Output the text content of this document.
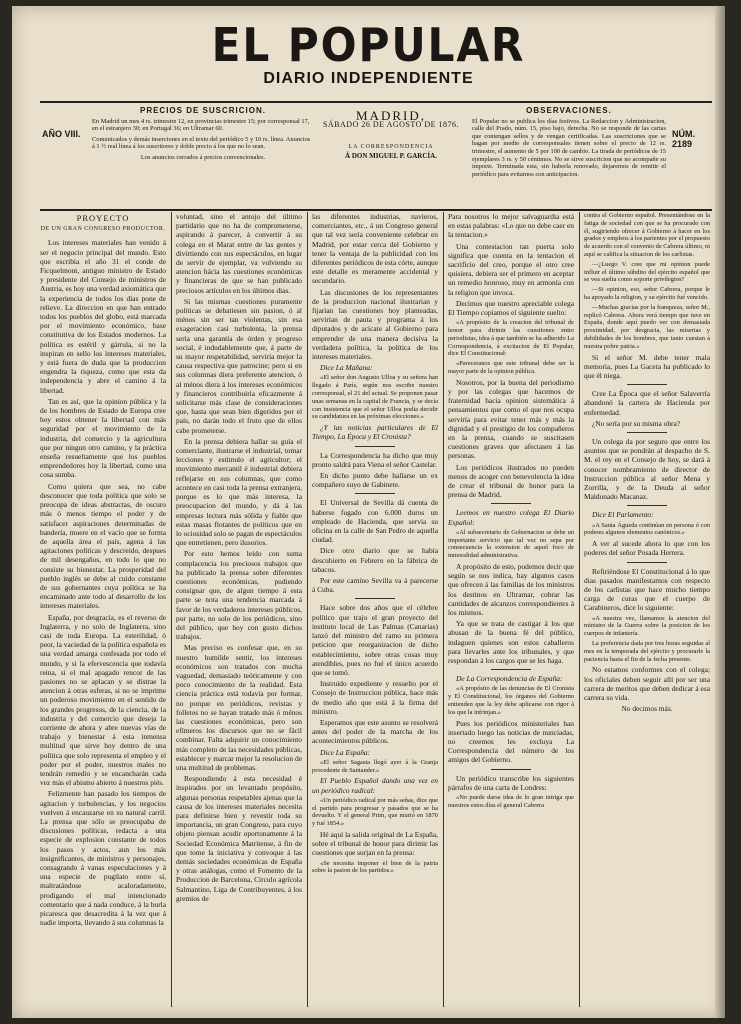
EL POPULAR
DIARIO INDEPENDIENTE
AÑO VIII.
PRECIOS DE SUSCRICION.
En Madrid un mes 4 rs. trimestre 12, en provincias trimestre 15; por corresponsal 17, en el estranjero 30; en Portugal 36; en Ultramar 60.
Comunicados y demás inserciones en el texto del periódico 5 y 10 rs. línea. Anuncios á 1 ½ real línea á los suscritores y doble precio á los que no lo sean.
Los anuncios cerrados á precios convencionales.
MADRID,
SÁBADO 26 DE AGOSTO DE 1876.
LA CORRESPONDENCIA
Á DON MIGUEL P. GARCÍA.
OBSERVACIONES.
El Popular no se publica los días festivos. La Redaccion y Administracion, calle del Prado, núm. 15, piso bajo, derecha. No se responde de las cartas que contengan sellos y de vengan certificadas. Las suscriciones que se hagan por medio de corresponsales tienen sobre el precio de 12 rs. trimestre, el aumento de 5 por 100 de cambio. La tirada de periódicos de 15 ejemplares 3 rs. y 50 céntimos. No se sirve suscricion que no acompañe su importe. Terminada esta, sin haberla renovado, dejaremos de remitir el periódico para evitarnos con anticipacion.
NÚM. 2189

PROYECTO

DE UN GRAN CONGRESO PRODUCTOR.

Los intereses materiales han venido á ser el negocio principal del mundo. Esto que escribia el año 31 el conde de Ficquelmont, antiguo ministro de Estado y presidente del Consejo de ministros de Austria, es hoy una verdad axiomática que la experiencia de todos los dias pone de relieve. La direccion en que han entrado todos los pueblos del globo, está marcada por el movimiento económico, base constitutiva de los Estados modernos. La política es estéril y gárrula, si no la inspiran en sello los intereses materiales, y está fuera de duda que la produccion engendra la riqueza, como que esta da independencia y abre el camino á la libertad.

Tan es así, que la opinion pública y la de los hombres de Estado de Europa cree hoy estos obtener la libertad con más seguridad por el movimiento de la industria, del comercio y la agricultura que por ningun otro camino, y la práctica enseña resueltamente que los pueblos emprendedores hoy la libertad, como una cosa sumba.

Como quiera que sea, no cabe desconocer que toda política que solo se preocupa de ideas abstractas, de oscuro más ó menos tiempo el poder y de satisfacer aspiraciones determinadas de bandería, muere en el vacío que se forma de aquella área el país, agena á las agitaciones políticas y descreido, despues de mil desengaños, en todo lo que no consiste su bienestar. La prosperidad del pueblo inglés se debe al cuido constante de sus gobernantes cuya política se ha encaminado ante todo al desarrollo de los intereses materiales.

España, por desgracia, es el reverso de Inglaterra, y no solo de Inglaterra, sino casi de toda Europa. La esterilidad, ó peor, la vaciedad de la política española es una verdad amarga confesada por todo el mundo, y si la efervescencia que todavía reina, si el mal apagado rencor de las pasiones no se aplacan y se distrae la atencion á otras esferas, si no se imprime un poderoso movimiento en el sentido de los grandes progresos, de la ciencia, de la industria y del comercio que deseja la corriente de ahora y abre nuevas vías de trabajo y bienestar á esta inmensa multitud que sirve hoy dentro de una política que solo representa el empleo y el poder por el poder, nuestros males no tendrán remedio y se encancharán cada vez más el abismo abierto á nuestros piés.

Felizmente han pasado los tiempos de agitacion y turbulencias, y los negocios vuelven á encauzarse en su natural carril. La prensa que sólo se preocupaba de discusiones políticas, redacta a una especie de explosion constante de todos los pasos y actos, aun los más insignificantes, de ministros y personajes, consagrando á vanas especulaciones y á una especie de pugilato entre sí, maltratándose acaloradamente, prodigando el mal intencionado comentario que á nada conduce, á la burla picaresca que desacredita á la vez que á nadie importa, llevando á sus columnas la

voluntad, sino el antojo del último partidario que no ha de comprometerse, aspirando á parecer, á convertir á su colega en el Marat entre de las gentes y divirtiendo con sus espectáculos, en lugar de servir de ejemplar, va volviendo su atencion hácia las cuestiones económicas y financieras de que se han publicado preciosos artículos en los últimos dias.

Si las mismas cuestiones puramente políticas se debatiesen sin pasion, ó al ménos sin ser tan violentas, sin esa exageracion casi turbulenta, la prensa seria una garantía de órden y progreso social, é indudablemente que, á parte de su mayor respetabilidad, serviria mejor la causa respectiva que patrocine; pero si en sus columnas diera preferente atencion, ó al ménos diera á los intereses económicos y financieros contribuiria eficazmente á solicitarse más clase de consideraciones que, hasta que sean bien digeridos por el país, no darán todo el fruto que de ellos cabe prometerse.

En la prensa debiera hallar su guía el comerciante, ilustrarse el industrial, tomar lecciones y estímulo el agricultor; el movimiento mercantil é industrial debiera reflejarse en sus columnas, que como acontece en casi toda la prensa extranjera, porque es lo que más interesa, la preocupacion del mundo, y dá á las empresas lectura más sólida y fiable que estas masas flotantes de políticos que en lo ociosidad solo se pagan de espectáculos que entretienen, pero ilusorios.

Por esto hemos leido con suma complacencia los preciosos trabajos que ha publicado la prensa sobre diferentes cuestiones económicas, pudiendo consignar que, de algun tiempo á esta parte se nota una tendencia marcada á favor de los verdaderos intereses públicos, por parte, no solo de los periódicos, sino del público, que hoy con gusto dichos trabajos.

Mas preciso es confesar que, en su nuestro humilde sentir, los intereses económicos son tratados con mucha vaguedad, demasiado teóricamente y con poco conocimiento de la realidad. Esta ciencia práctica está todavía por formar, no porque en periódicos, revistas y folletos no se hayan tratado más ó ménos las cuestiones económicas, pero son efímeros los discursos que no se fácil combinar. Falta adquirir un conocimiento más completo de las necesidades públicas, establecer y marcar mejor la resolucion de una multitud de problemas.

Respondiendo á esta necesidad é inspirados por un levantado propósito, algunas personas respetables ajenas que la causa de los intereses materiales necesita para definirse bien y revestir toda su importancia, un gran Congreso, para cuyo objeto piensan acudir oportunamente á la Sociedad Económica Matritense, á fin de que tome la iniciativa y convoque á las demás sociedades económicas de España y otras análogas, como el Fomento de la Produccion de Barcelona, Círculo agrícola Salmantino, Liga de Contribuyentes, á los gremios de

las diferentes industrias, navieros, comerciantes, etc., á un Congreso general que tal vez sería conveniente celebrar en Madrid, por estar cerca del Gobierno y tener la ventaja de la publicidad con los diferentes periódicos de esta córte, aunque este detalle es meramente accidental y secundario.

Las discusiones de los representantes de la produccion nacional ilustrarian y fijarian las cuestiones hoy planteadas, servirian de pauta y programa á los diputados y de acicate al Gobierno para emprender de una manera decisiva la verdadera política, la política de los intereses materiales.

Dice La Mañana:

«El señor don Augusto Ulloa y su señora han llegado á París, según nos escribe nuestro corresponsal, el 21 del actual. Se proponen pasar unas semanas en la capital de Francia, y se decía con insistencia que el señor Ulloa podia decidir su candidatura en las próximas elecciones.»

¿Y las noticias particulares de El Tiempo, La Época y El Cronista?

La Correspondencia ha dicho que muy pronto saldrá para Viena el señor Castelar.

En dicho punto debe hallarse un ex compañero suyo de Gabinete.

El Universal de Sevilla dá cuenta de haberse fugado con 6.000 duros un empleado de Hacienda, que servia su oficina en la calle de San Pedro de aquella ciudad.

Dice otro diario que se había descubierto en Febrero en la fábrica de tabacos.

Por este camino Sevilla va á parecerse á Cuba.

Hace sobre dos años que el célebre político que trajo el gran proyecto del instituto local de Las Palmas (Canarias) lanzó del ministro del ramo su primera peticion que reorganizacion de dicho establecimiento, sobre otras cosas muy atendibles, pues no fué el único acuerdo que se tomó.

Instruido expediente y resuelto por el Consejo de Instruccion pública, hace más de medio año que está á la firma del ministro.

Esperamos que este asunto se resolverá antes del poder de la marcha de los acontecimientos públicos.

Dice La España:

«El señor Sagasta llegó ayer á la Granja procedente de Santander.»

El Pueblo Español dando una vez en un periódico radical:

«Un periódico radical por más señas, dice que el partido para progresar y pasados que se ha devuelto. Y el general Prim, que murió en 1870 y fué 1854.»

Hé aquí la salida original de La España, sobre el tribunal de honor para dirimir las cuestiones que surjan en la prensa:

«Se necesita imponer el bien de la patria sobre la pasion de los partidos.»

Para nosotros lo mejor salvaguardia está en estas palabras: «Lo que no debe caer en la tentacion.»

Una contestacion tan puerta solo significa que cuenta en la tentacion el sacrificio del creo, porque el otro cree quisiera, debiera ser el primero en aceptar un remedio honroso, muy en armonía con la religion que invoca.

Decimos que nuestro apreciable colega El Tiempo copiamos el siguiente suelto:

«A propósito de la creacion del tribunal de honor para dirimir las cuestiones entre periodistas, idea á que también se ha adherido La Correspondencia, á excitacion de El Popular, dice El Constitucional:

«Pareceranos que este tribunal debe ser la mayor parte de la opinion pública.

Nosotros, por la buena del periodismo y por las colegas que hacemos de fraternidad hacia opinion sistemática á pensamientos que como el que nos ocupa serviría para evitar tener más y más la dignidad y el prestigio de los compañeros en la prensa, cuando se suscitasen cuestiones graves que afectasen á las personas.

Los periódicos ilustrados no pueden menos de acoger con benevolencia la idea de crear el tribunal de honor para la prensa de Madrid.

Leemos en nuestro colega El Diario Español:

«Al subsecretario de Gobernacion se debe un importante servicio que tal vez no sepa por consecuencia la extension de aquel foco de inmoralidad administrativa.

A propósito de esto, podemos decir que según se nos indica, hay algunos casos que ofrecen á las familias de los ministros los destinos en Ultramar, cobrar las cantidades de alcanzos correspondientes á los mismos.

Ya que se trata de castigar á los que abusan de la buena fé del público, indaguen quienes son estos caballeros para llevarles ante los tribunales, y que respondan á los cargos que se les haga.

De La Correspondencia de España:

«A propósito de las denuncias de El Cronista y El Constitucional, los órganos del Gobierno entienden que la ley debe aplicarse con rigor á los que la infrinjan.»

Pues los periódicos ministeriales han insertado luego las noticias de nunciadas, no creemos les excluya La Correspondencia del número de los amigos del Gobierno.

Un periódico transcribe los siguientes párrafos de una carta de Londres:

«No puede darse idea de lo gran intriga que nuestros estos días el general Cabrera

contra el Gobierno español. Presentándose en la fatiga de sociedad con que se ha procurado con él, sugiriendo ofrecer á Gobierno á hacer en los grados y empleos á los parientes por el propuesto de acuerdo con el convenio de Cabrera último, ni aquí se califica la situacion de los carlistas.

—¿Luego V. cree que mi opinion puede influir el último súbdito del ejército español que se vea suelta como soporte privilegios?

—Si opinion, eso, señor Cabrera, porque le ha apoyado la religion, y su ejército fué vencido.

—Muchas gracias por la franqueza, señor M., replicó Cabrera. Ahora verá tiempo que tuve en España, donde aquí puedo ver con demasiada proximidad, por desgracia, las miserias y debilidades de los hombres, que tanto cuestan á nuestra pobre patria.»

Si el señor M. debe tener mala memoria, pues La Gaceta ha publicado lo que él niega.

Cree La Época que el señor Salaverría abandonó la cartera de Hacienda por enfermedad.

¿No sería por su misma obra?

Un colega da por seguro que entre los asuntos que se pondrán al despacho de S. M. el rey en el Consejo de hoy, se dará á conocer nombramiento de director de Instruccion pública al señor Mena y Zorrilla, y de la Deuda al señor Maldonado Macanaz.

Dice El Parlamento:

«A Santa Águeda continúan en persona ó con poderes algunos elementos canónicos.»

A ver al sucede ahora lo que con los poderes del señor Posada Herrera.

Refiriéndose El Constitucional á lo que dias pasados manifestamos con respecto de los carlistas que hace mucho tiempo carga de curas que el cuerpo de Carabineros, dice lo siguiente:

«A nuestra vez, llamamos la atencion del ministro de la Guerra sobre la posicion de los cuerpos de infantería.

La preferencia dada por tres horas seguidas al mes en la temporada del ejército y procurarle la paciencia hasta el fin de la fecha presente.

No estamos conformes con el colega; los oficiales deben seguir allí por ser una carrera de meritos que deben dedicar á esa carrera su vida.

No decimos más.
